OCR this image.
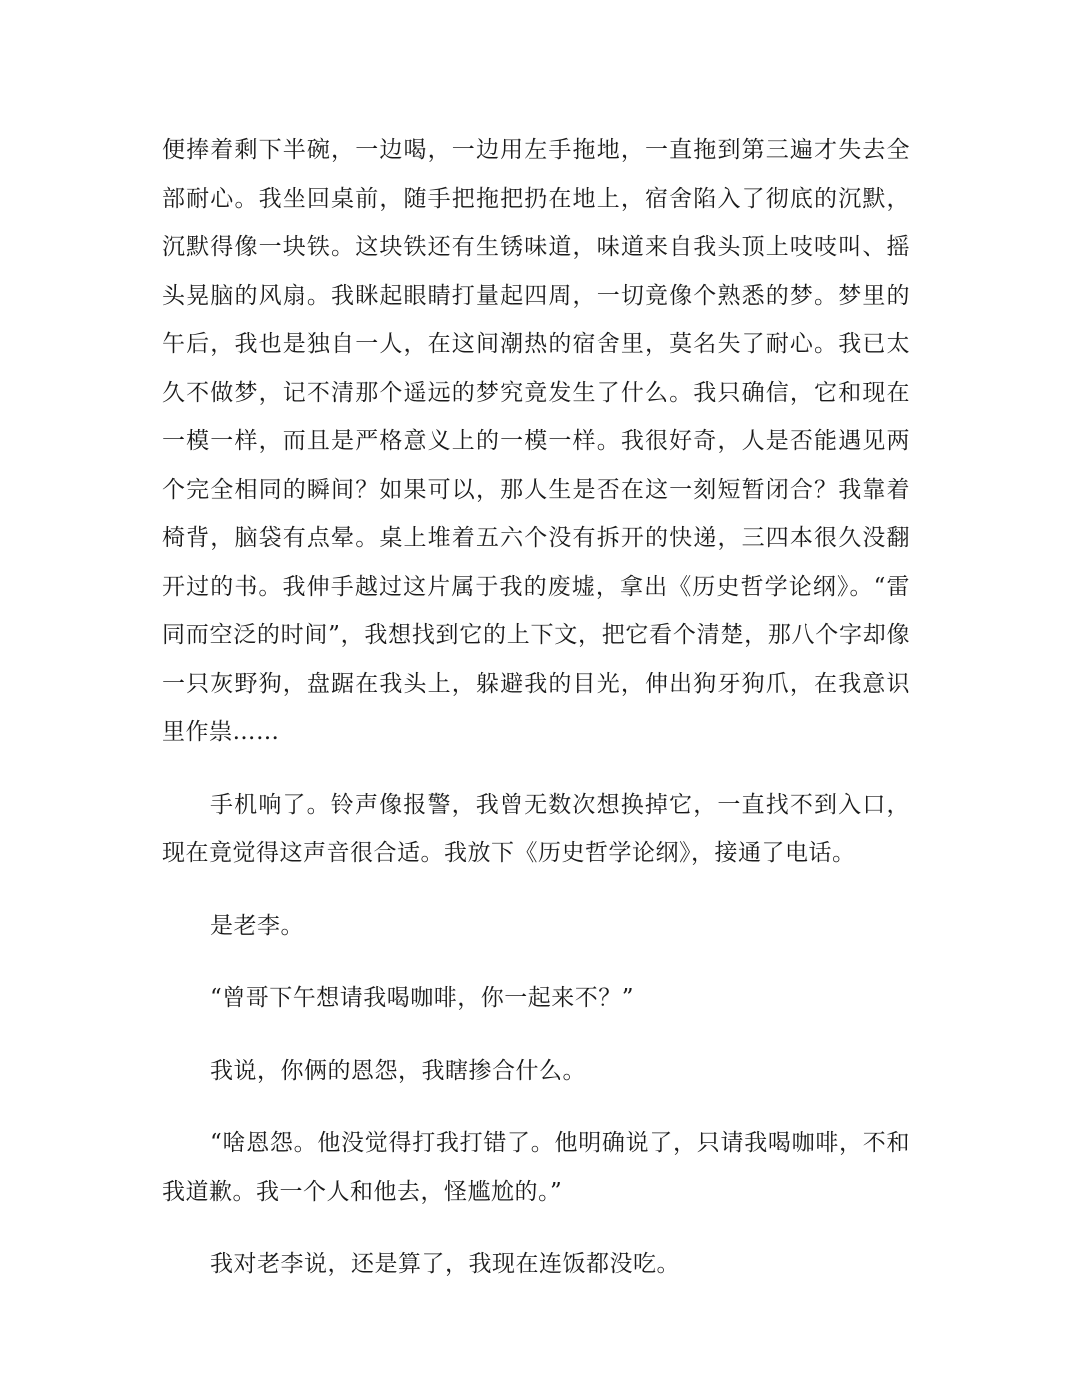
便捧着剩下半碗，一边喝，一边用左手拖地，一直拖到第三遍才失去全部耐心。我坐回桌前，随手把拖把扔在地上，宿舍陷入了彻底的沉默，沉默得像一块铁。这块铁还有生锈味道，味道来自我头顶上吱吱叫、摇头晃脑的风扇。我眯起眼睛打量起四周，一切竟像个熟悉的梦。梦里的午后，我也是独自一人，在这间潮热的宿舍里，莫名失了耐心。我已太久不做梦，记不清那个遥远的梦究竟发生了什么。我只确信，它和现在一模一样，而且是严格意义上的一模一样。我很好奇，人是否能遇见两个完全相同的瞬间？如果可以，那人生是否在这一刻短暂闭合？我靠着椅背，脑袋有点晕。桌上堆着五六个没有拆开的快递，三四本很久没翻开过的书。我伸手越过这片属于我的废墟，拿出《历史哲学论纲》。“雷同而空泛的时间”，我想找到它的上下文，把它看个清楚，那八个字却像一只灰野狗，盘踞在我头上，躲避我的目光，伸出狗牙狗爪，在我意识里作祟……

手机响了。铃声像报警，我曾无数次想换掉它，一直找不到入口，现在竟觉得这声音很合适。我放下《历史哲学论纲》，接通了电话。

是老李。

“曾哥下午想请我喝咖啡，你一起来不？”

我说，你俩的恩怨，我瞎掺合什么。

“啥恩怨。他没觉得打我打错了。他明确说了，只请我喝咖啡，不和我道歉。我一个人和他去，怪尴尬的。”

我对老李说，还是算了，我现在连饭都没吃。
